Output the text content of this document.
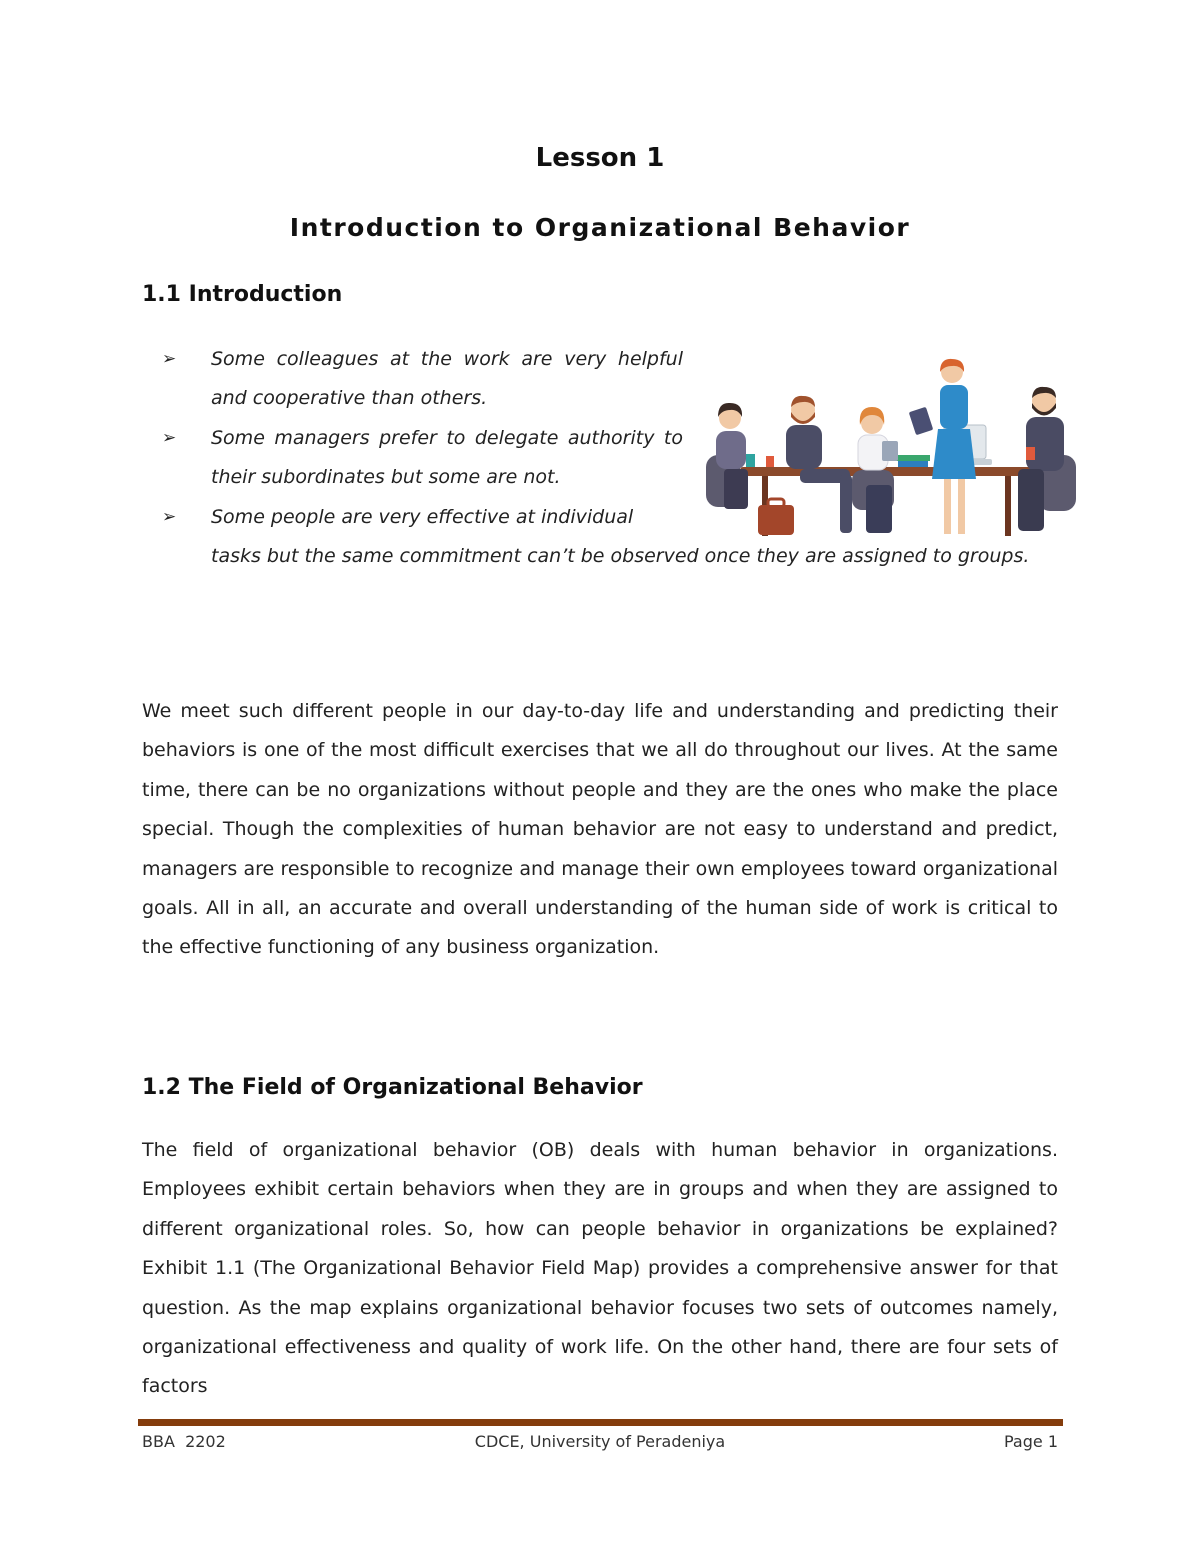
Lesson 1
Introduction to Organizational Behavior
1.1 Introduction
➢ Some colleagues at the work are very helpful and cooperative than others.
➢ Some managers prefer to delegate authority to their subordinates but some are not.
➢ Some people are very effective at individual
tasks but the same commitment can’t be observed once they are assigned to groups.

We meet such different people in our day-to-day life and understanding and predicting their behaviors is one of the most difficult exercises that we all do throughout our lives. At the same time, there can be no organizations without people and they are the ones who make the place special. Though the complexities of human behavior are not easy to understand and predict, managers are responsible to recognize and manage their own employees toward organizational goals. All in all, an accurate and overall understanding of the human side of work is critical to the effective functioning of any business organization.

1.2 The Field of Organizational Behavior

The field of organizational behavior (OB) deals with human behavior in organizations. Employees exhibit certain behaviors when they are in groups and when they are assigned to different organizational roles. So, how can people behavior in organizations be explained? Exhibit 1.1 (The Organizational Behavior Field Map) provides a comprehensive answer for that question. As the map explains organizational behavior focuses two sets of outcomes namely, organizational effectiveness and quality of work life. On the other hand, there are four sets of factors

BBA  2202	CDCE, University of Peradeniya	Page 1
